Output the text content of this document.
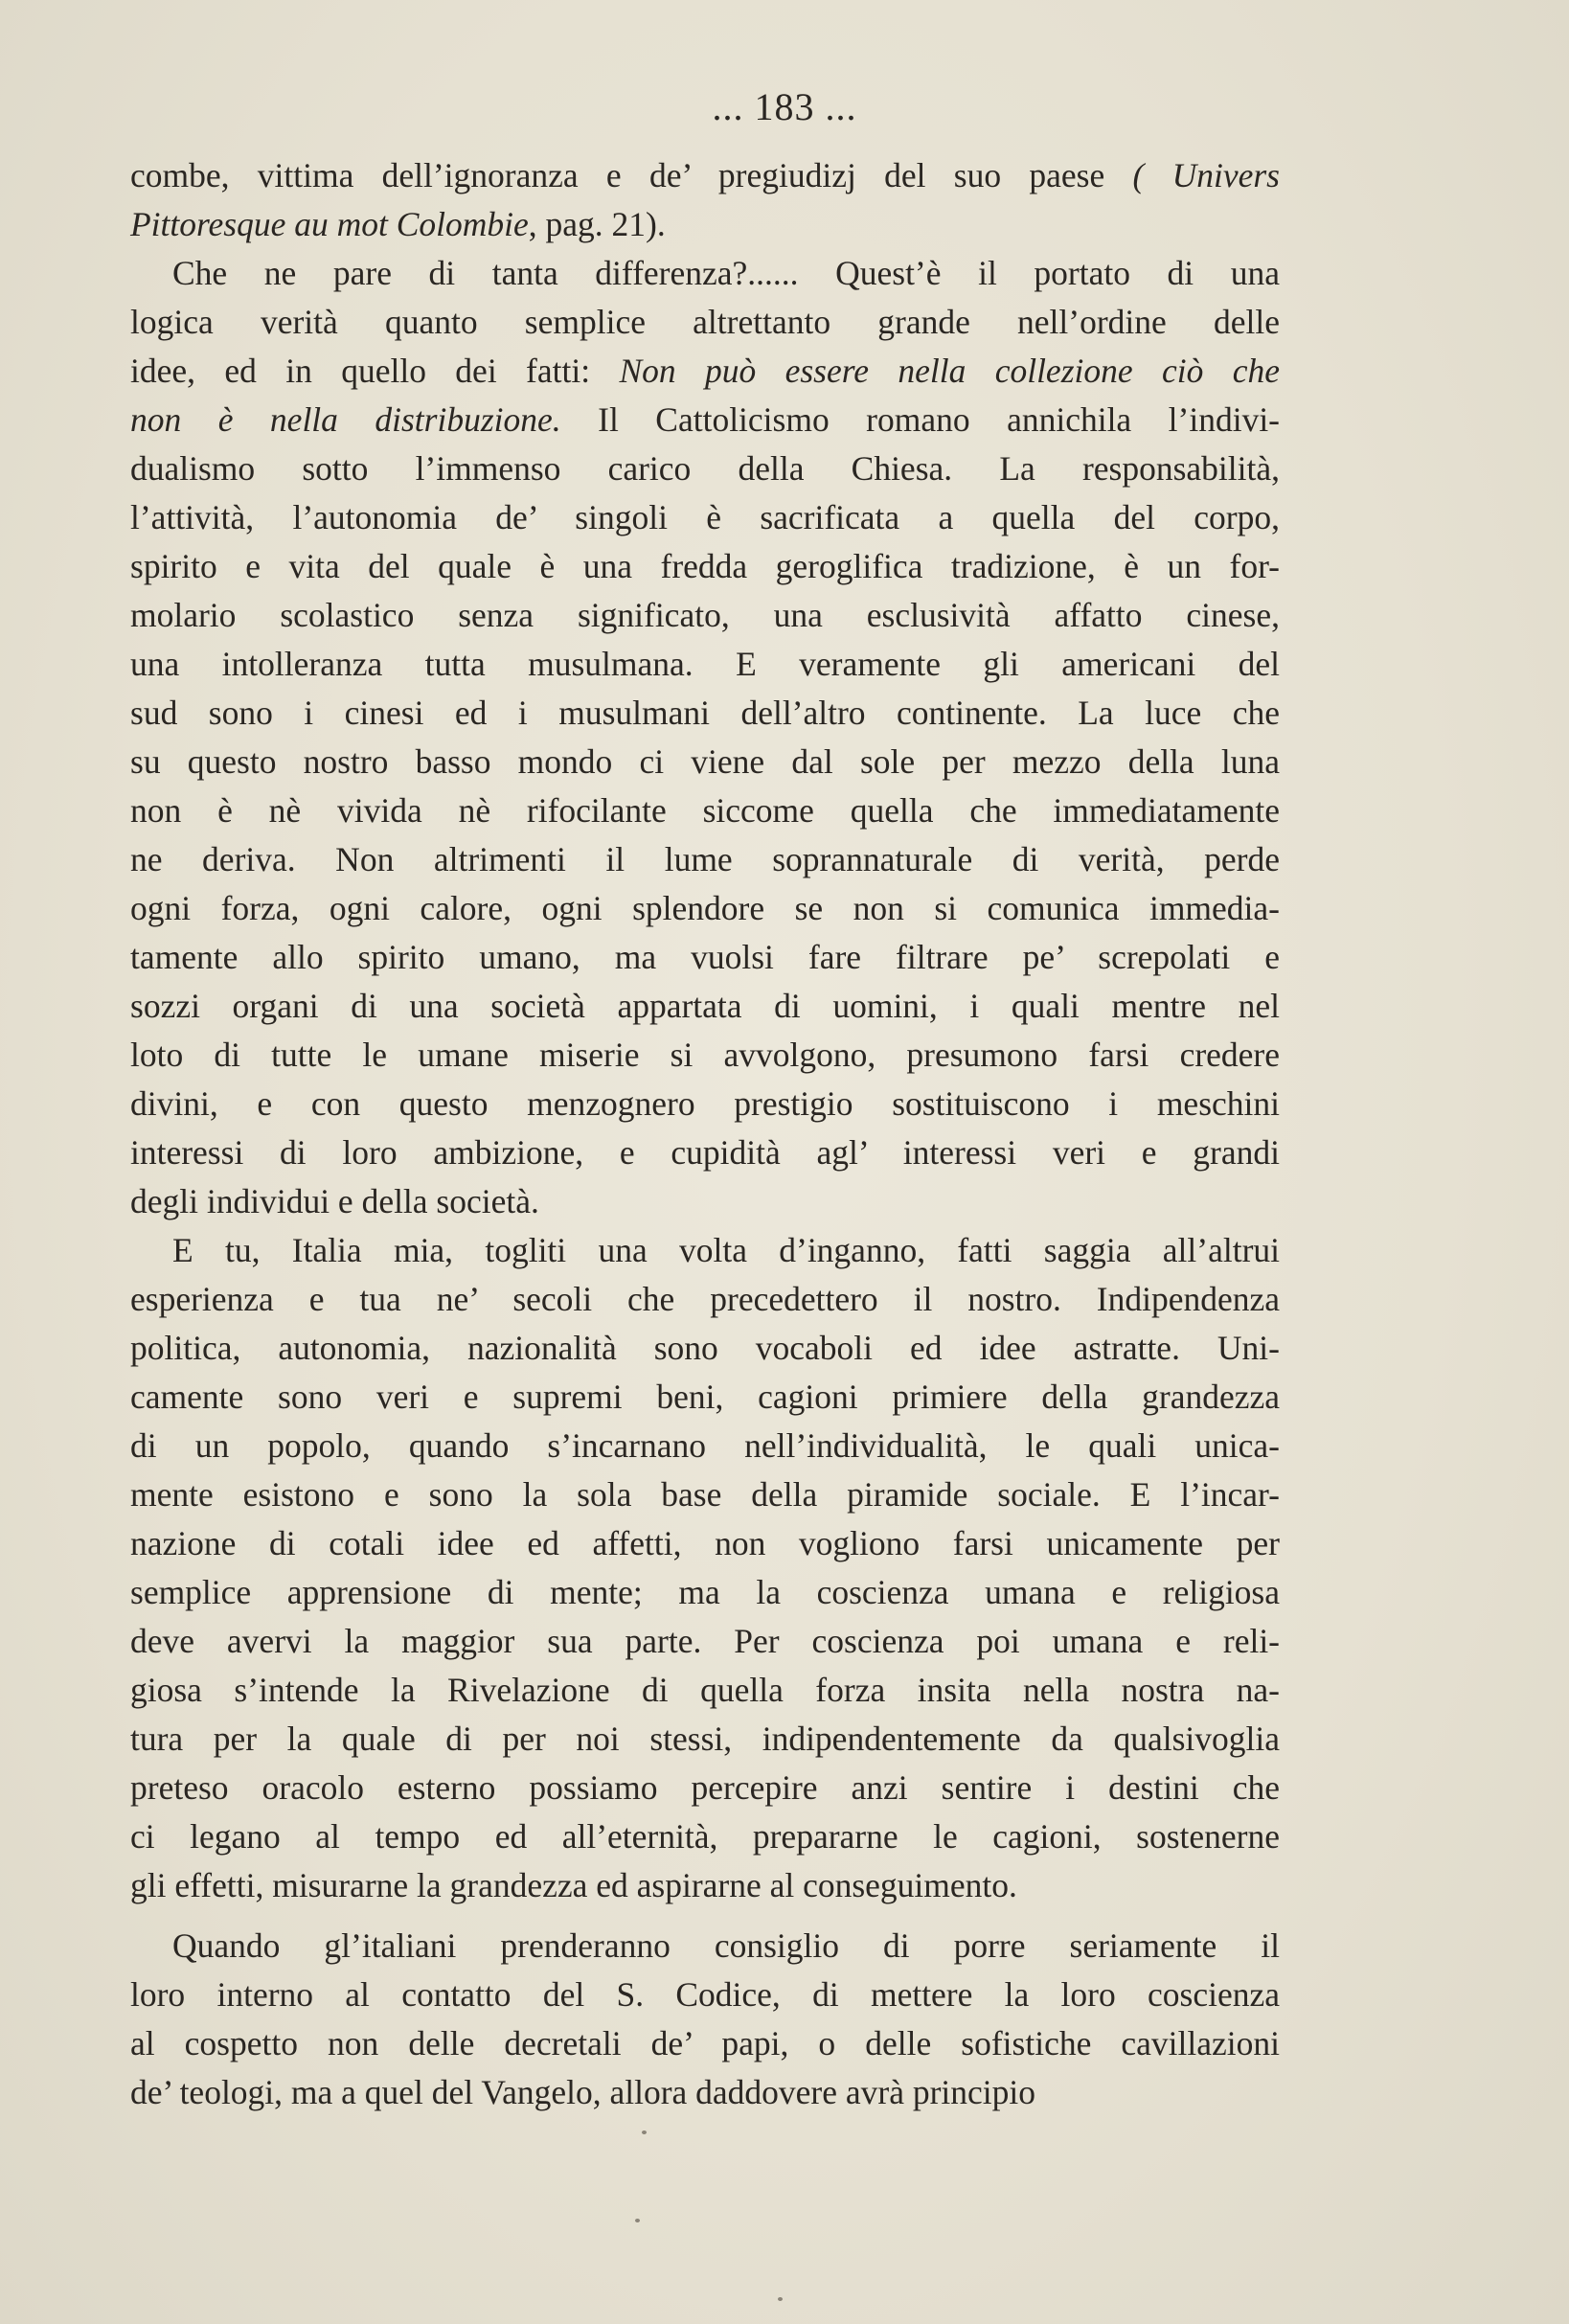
... 183 ...
combe, vittima dell’ignoranza e de’ pregiudizj del suo paese ( Univers
Pittoresque au mot Colombie, pag. 21).
Che ne pare di tanta differenza?...... Quest’è il portato di una
logica verità quanto semplice altrettanto grande nell’ordine delle
idee, ed in quello dei fatti: Non può essere nella collezione ciò che
non è nella distribuzione. Il Cattolicismo romano annichila l’indivi-
dualismo sotto l’immenso carico della Chiesa. La responsabilità,
l’attività, l’autonomia de’ singoli è sacrificata a quella del corpo,
spirito e vita del quale è una fredda geroglifica tradizione, è un for-
molario scolastico senza significato, una esclusività affatto cinese,
una intolleranza tutta musulmana. E veramente gli americani del
sud sono i cinesi ed i musulmani dell’altro continente. La luce che
su questo nostro basso mondo ci viene dal sole per mezzo della luna
non è nè vivida nè rifocilante siccome quella che immediatamente
ne deriva. Non altrimenti il lume soprannaturale di verità, perde
ogni forza, ogni calore, ogni splendore se non si comunica immedia-
tamente allo spirito umano, ma vuolsi fare filtrare pe’ screpolati e
sozzi organi di una società appartata di uomini, i quali mentre nel
loto di tutte le umane miserie si avvolgono, presumono farsi credere
divini, e con questo menzognero prestigio sostituiscono i meschini
interessi di loro ambizione, e cupidità agl’ interessi veri e grandi
degli individui e della società.
E tu, Italia mia, togliti una volta d’inganno, fatti saggia all’altrui
esperienza e tua ne’ secoli che precedettero il nostro. Indipendenza
politica, autonomia, nazionalità sono vocaboli ed idee astratte. Uni-
camente sono veri e supremi beni, cagioni primiere della grandezza
di un popolo, quando s’incarnano nell’individualità, le quali unica-
mente esistono e sono la sola base della piramide sociale. E l’incar-
nazione di cotali idee ed affetti, non vogliono farsi unicamente per
semplice apprensione di mente; ma la coscienza umana e religiosa
deve avervi la maggior sua parte. Per coscienza poi umana e reli-
giosa s’intende la Rivelazione di quella forza insita nella nostra na-
tura per la quale di per noi stessi, indipendentemente da qualsivoglia
preteso oracolo esterno possiamo percepire anzi sentire i destini che
ci legano al tempo ed all’eternità, prepararne le cagioni, sostenerne
gli effetti, misurarne la grandezza ed aspirarne al conseguimento.
Quando gl’italiani prenderanno consiglio di porre seriamente il
loro interno al contatto del S. Codice, di mettere la loro coscienza
al cospetto non delle decretali de’ papi, o delle sofistiche cavillazioni
de’ teologi, ma a quel del Vangelo, allora daddovere avrà principio
